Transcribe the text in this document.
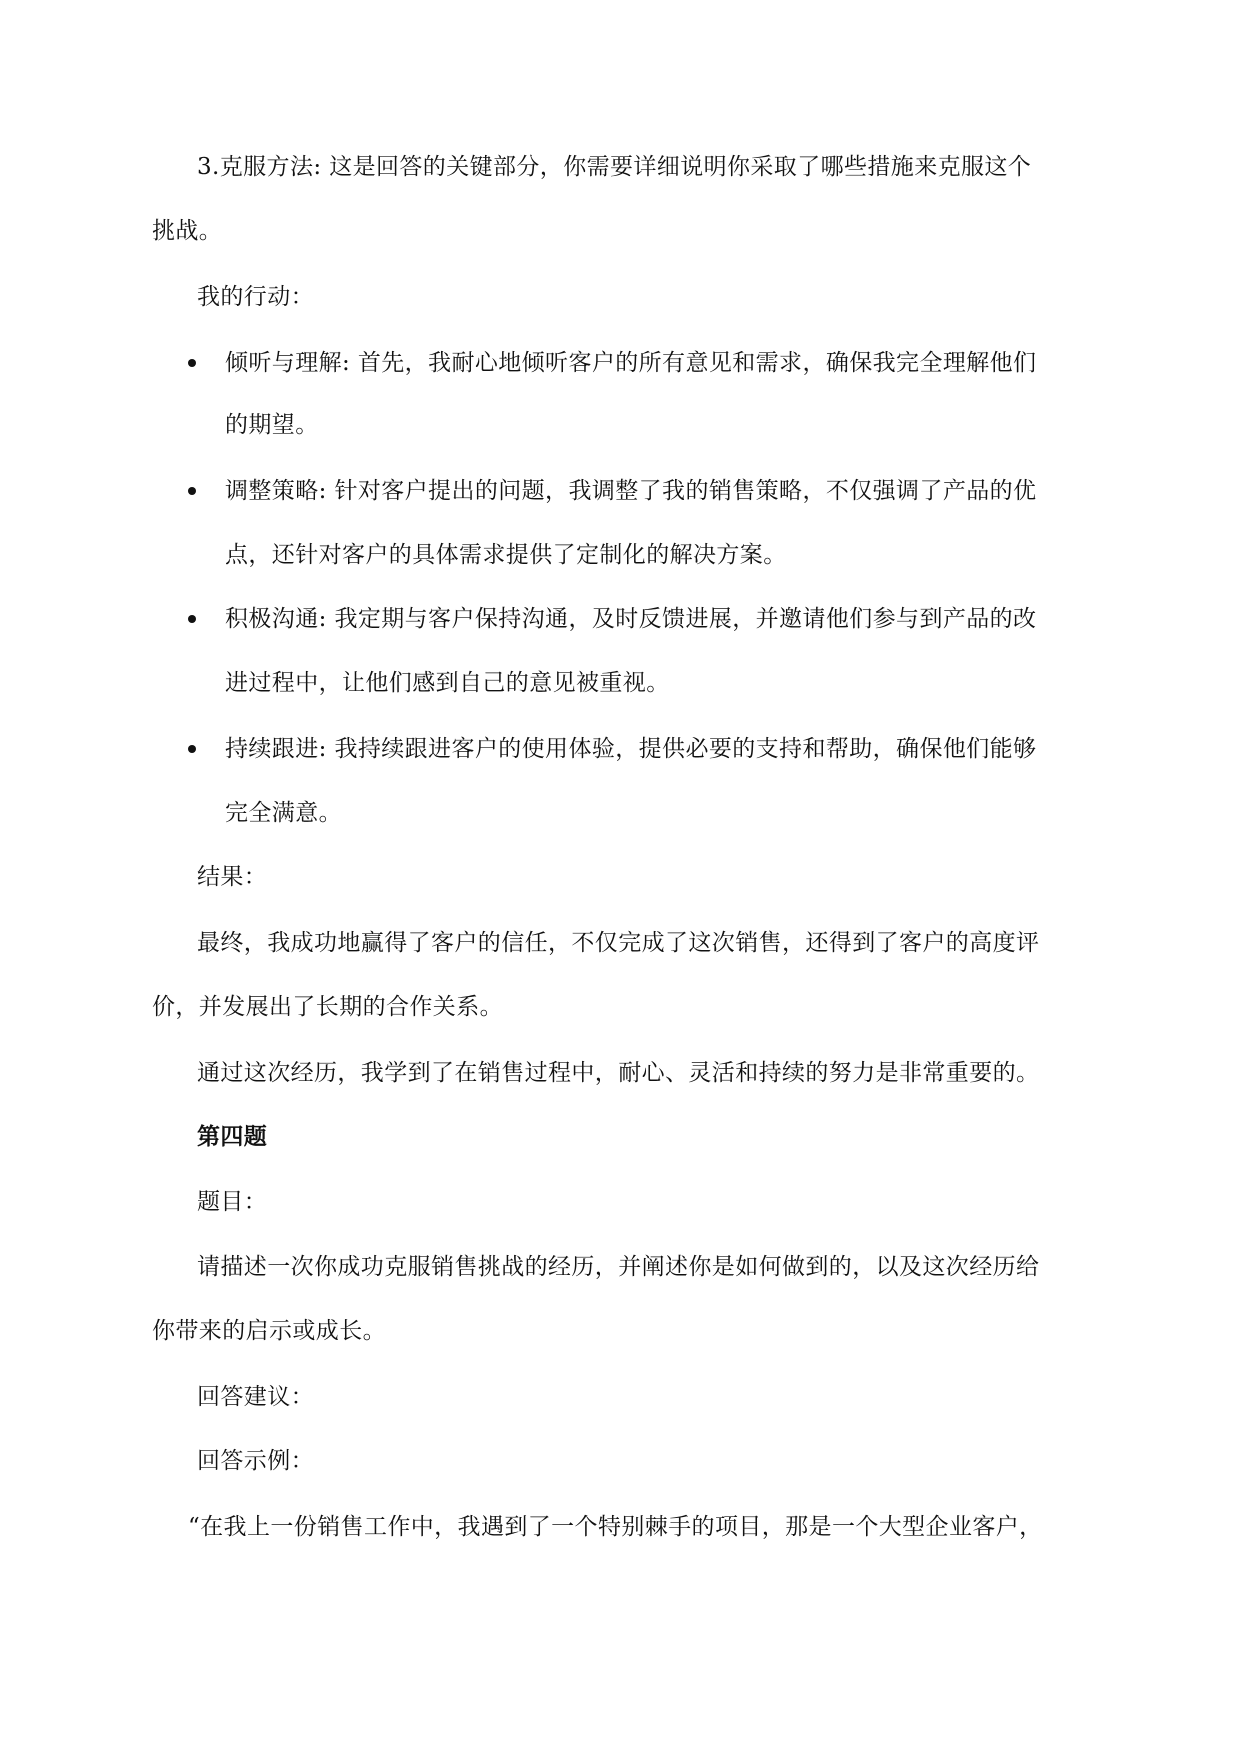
3.克服方法: 这是回答的关键部分，你需要详细说明你采取了哪些措施来克服这个
挑战。
我的行动：
倾听与理解: 首先，我耐心地倾听客户的所有意见和需求，确保我完全理解他们
的期望。
调整策略: 针对客户提出的问题，我调整了我的销售策略，不仅强调了产品的优
点，还针对客户的具体需求提供了定制化的解决方案。
积极沟通: 我定期与客户保持沟通，及时反馈进展，并邀请他们参与到产品的改
进过程中，让他们感到自己的意见被重视。
持续跟进: 我持续跟进客户的使用体验，提供必要的支持和帮助，确保他们能够
完全满意。
结果：
最终，我成功地赢得了客户的信任，不仅完成了这次销售，还得到了客户的高度评
价，并发展出了长期的合作关系。
通过这次经历，我学到了在销售过程中，耐心、灵活和持续的努力是非常重要的。
第四题
题目：
请描述一次你成功克服销售挑战的经历，并阐述你是如何做到的，以及这次经历给
你带来的启示或成长。
回答建议：
回答示例：
“在我上一份销售工作中，我遇到了一个特别棘手的项目，那是一个大型企业客户，
